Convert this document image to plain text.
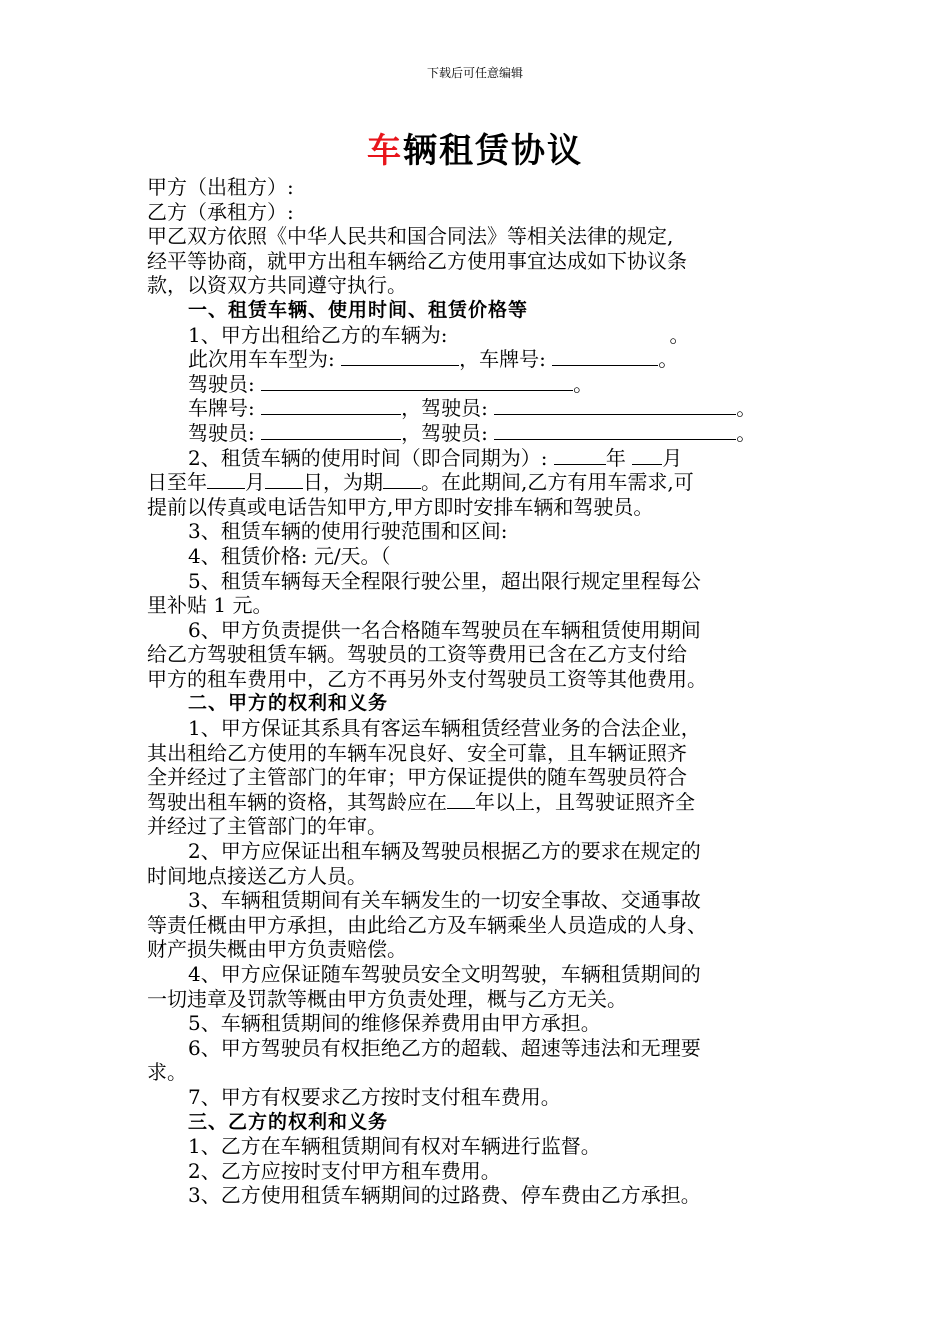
下载后可任意编辑
车辆租赁协议

甲方（出租方）:

乙方（承租方）:

甲乙双方依照《中华人民共和国合同法》等相关法律的规定,

经平等协商，就甲方出租车辆给乙方使用事宜达成如下协议条

款，以资双方共同遵守执行。

一、租赁车辆、使用时间、租赁价格等

1、甲方出租给乙方的车辆为:	。

此次用车车型为:	，车牌号:	。

驾驶员:	。

车牌号:	，驾驶员:	。

驾驶员:	，驾驶员:	。

2、租赁车辆的使用时间（即合同期为）:	年 月

日至年 月 日，为期 。在此期间,乙方有用车需求,可

提前以传真或电话告知甲方,甲方即时安排车辆和驾驶员。

3、租赁车辆的使用行驶范围和区间:

4、租赁价格: 元/天。（

5、租赁车辆每天全程限行驶公里，超出限行规定里程每公

里补贴 1 元。

6、甲方负责提供一名合格随车驾驶员在车辆租赁使用期间

给乙方驾驶租赁车辆。驾驶员的工资等费用已含在乙方支付给

甲方的租车费用中，乙方不再另外支付驾驶员工资等其他费用。

二、甲方的权利和义务

1、甲方保证其系具有客运车辆租赁经营业务的合法企业，

其出租给乙方使用的车辆车况良好、安全可靠，且车辆证照齐

全并经过了主管部门的年审；甲方保证提供的随车驾驶员符合

驾驶出租车辆的资格，其驾龄应在 年以上，且驾驶证照齐全

并经过了主管部门的年审。

2、甲方应保证出租车辆及驾驶员根据乙方的要求在规定的

时间地点接送乙方人员。

3、车辆租赁期间有关车辆发生的一切安全事故、交通事故

等责任概由甲方承担，由此给乙方及车辆乘坐人员造成的人身、

财产损失概由甲方负责赔偿。

4、甲方应保证随车驾驶员安全文明驾驶，车辆租赁期间的

一切违章及罚款等概由甲方负责处理，概与乙方无关。

5、车辆租赁期间的维修保养费用由甲方承担。

6、甲方驾驶员有权拒绝乙方的超载、超速等违法和无理要

求。

7、甲方有权要求乙方按时支付租车费用。

三、乙方的权利和义务

1、乙方在车辆租赁期间有权对车辆进行监督。

2、乙方应按时支付甲方租车费用。

3、乙方使用租赁车辆期间的过路费、停车费由乙方承担。
